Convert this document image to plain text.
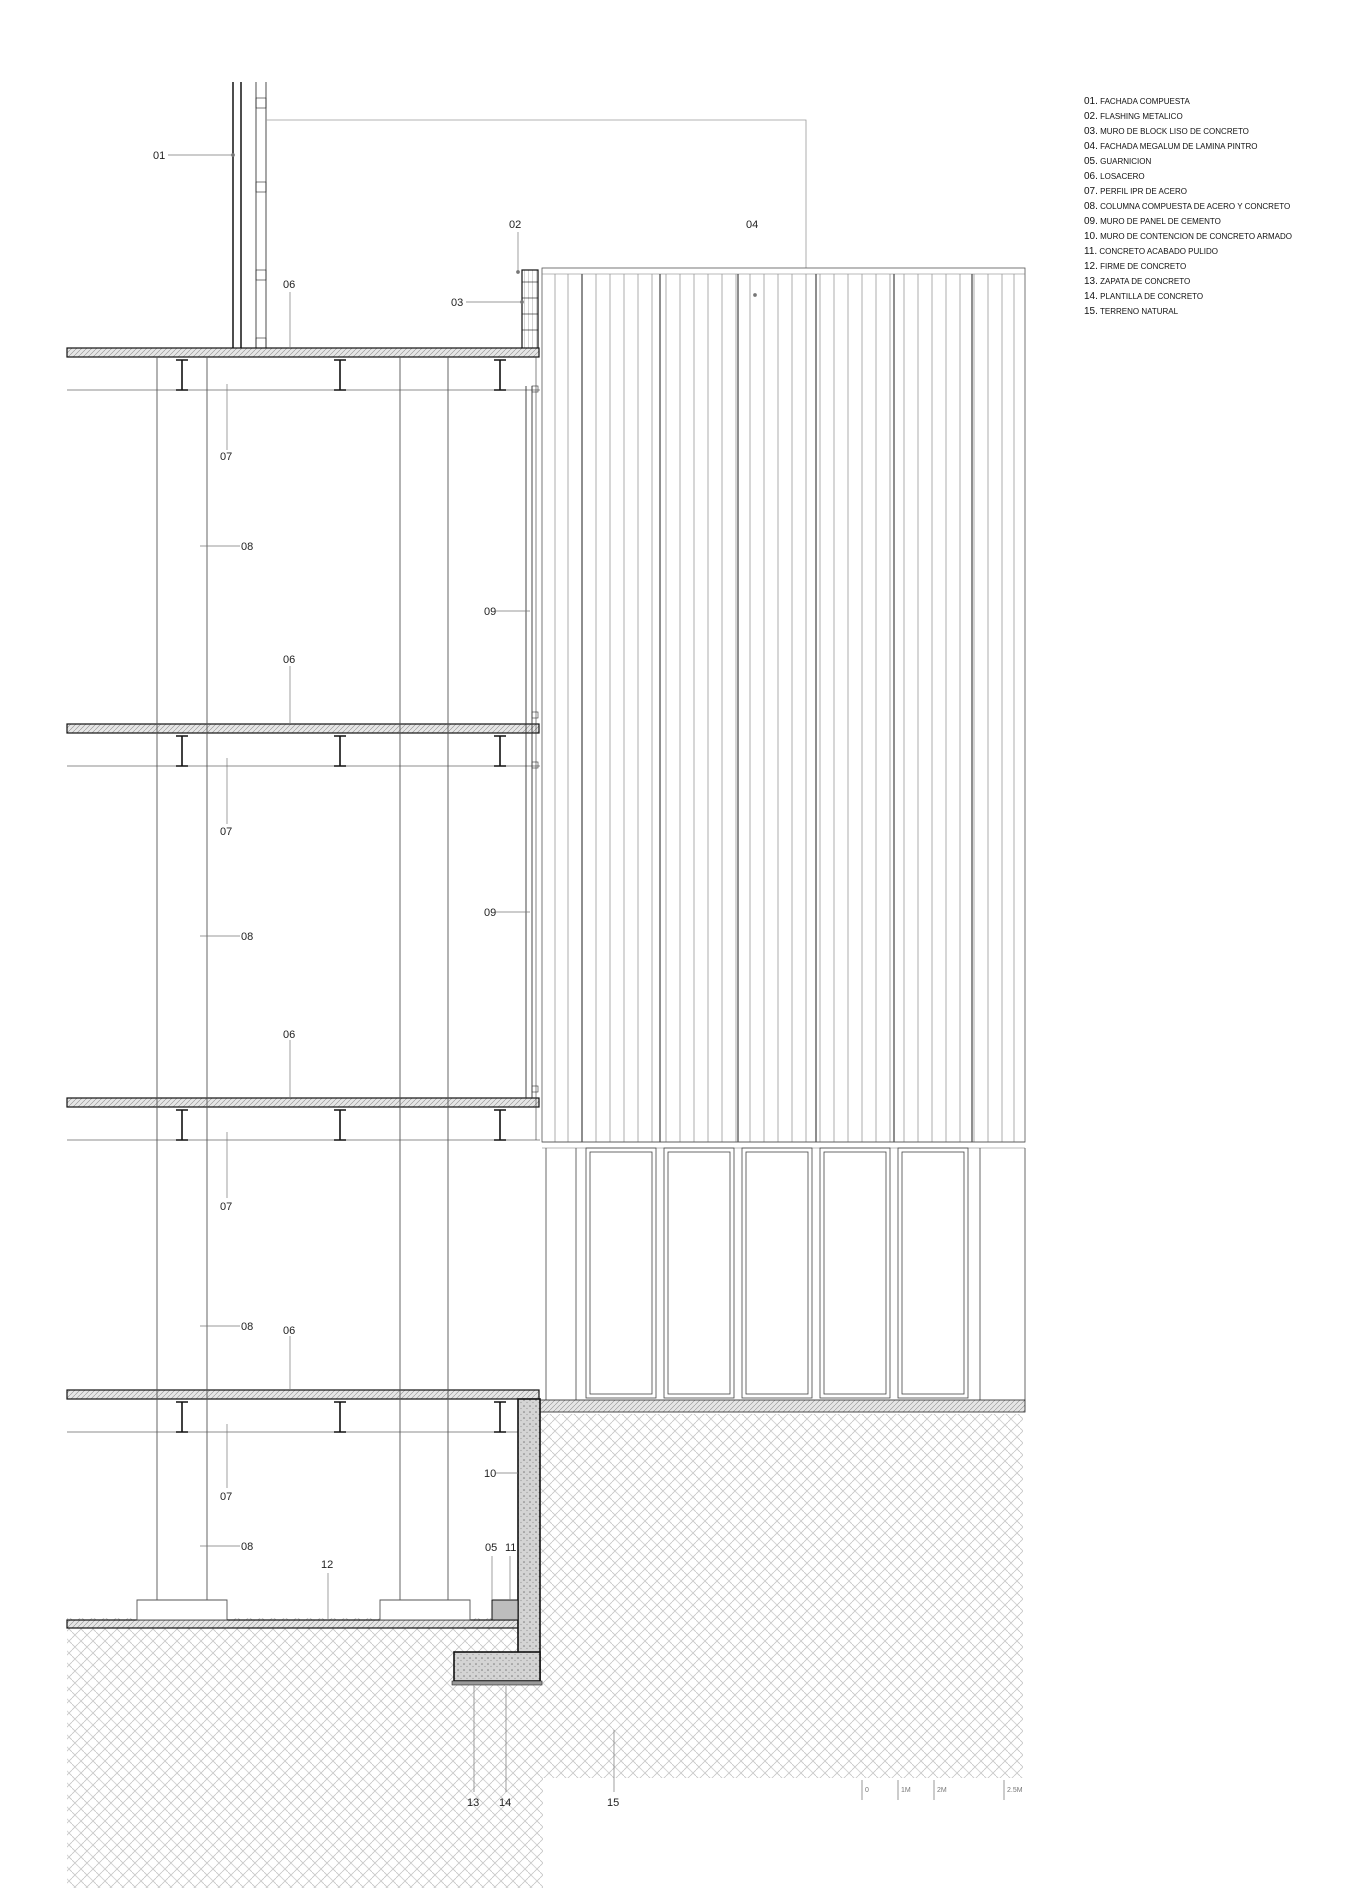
01. FACHADA COMPUESTA
02. FLASHING METALICO
03. MURO DE BLOCK LISO DE CONCRETO
04. FACHADA MEGALUM DE LAMINA PINTRO
05. GUARNICION
06. LOSACERO
07. PERFIL IPR DE ACERO
08. COLUMNA COMPUESTA DE ACERO Y CONCRETO
09. MURO DE PANEL DE CEMENTO
10. MURO DE CONTENCION DE CONCRETO ARMADO
11. CONCRETO ACABADO PULIDO
12. FIRME DE CONCRETO
13. ZAPATA DE CONCRETO
14. PLANTILLA DE CONCRETO
15. TERRENO NATURAL
01
02
03
04
06
07
08
09
06
07
08
09
06
07
08	06
07
08
10
05 11
12
13 14	15
0	1M	2M	2.5M
